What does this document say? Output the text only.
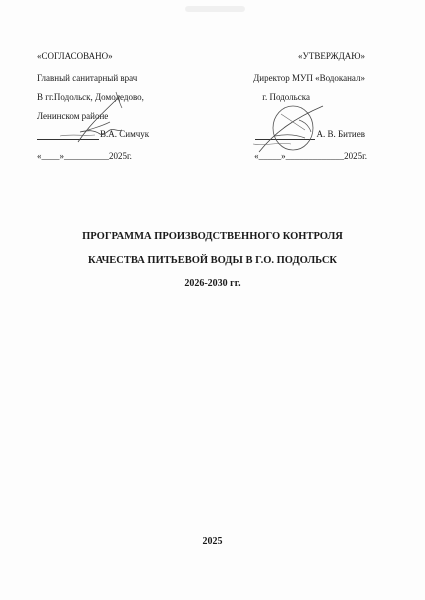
«СОГЛАСОВАНО»
Главный санитарный врач
В гг.Подольск, Домодедово,
Ленинском районе
В.А. Симчук
«____»__________2025г.
«УТВЕРЖДАЮ»
Директор МУП «Водоканал»
г. Подольска
А. В. Битиев
«_____»_____________2025г.
ПРОГРАММА ПРОИЗВОДСТВЕННОГО КОНТРОЛЯ
КАЧЕСТВА ПИТЬЕВОЙ ВОДЫ В Г.О. ПОДОЛЬСК
2026-2030 гг.
2025
